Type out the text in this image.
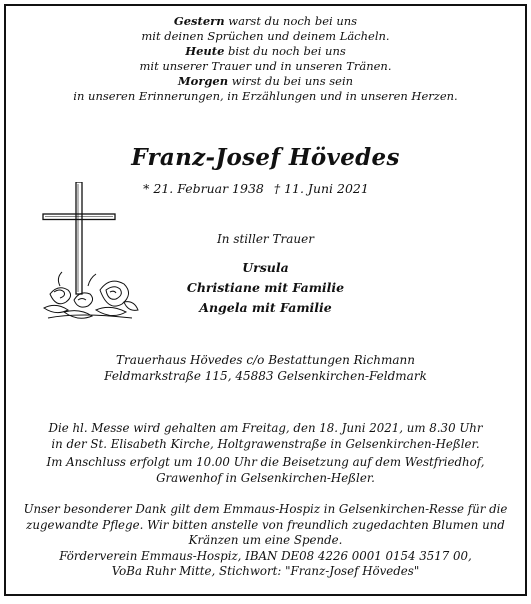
Gestern warst du noch bei uns

mit deinen Sprüchen und deinem Lächeln.

Heute bist du noch bei uns

mit unserer Trauer und in unseren Tränen.

Morgen wirst du bei uns sein

in unseren Erinnerungen, in Erzählungen und in unseren Herzen.

Franz-Josef Hövedes
* 21. Februar 1938 † 11. Juni 2021
In stiller Trauer

Ursula

Christiane mit Familie

Angela mit Familie

Trauerhaus Hövedes c/o Bestattungen Richmann

Feldmarkstraße 115, 45883 Gelsenkirchen-Feldmark

Die hl. Messe wird gehalten am Freitag, den 18. Juni 2021, um 8.30 Uhr

in der St. Elisabeth Kirche, Holtgrawenstraße in Gelsenkirchen-Heßler.

Im Anschluss erfolgt um 10.00 Uhr die Beisetzung auf dem Westfriedhof,

Grawenhof in Gelsenkirchen-Heßler.

Unser besonderer Dank gilt dem Emmaus-Hospiz in Gelsenkirchen-Resse für die

zugewandte Pflege. Wir bitten anstelle von freundlich zugedachten Blumen und

Kränzen um eine Spende.

Förderverein Emmaus-Hospiz, IBAN DE08 4226 0001 0154 3517 00,

VoBa Ruhr Mitte, Stichwort: "Franz-Josef Hövedes"
